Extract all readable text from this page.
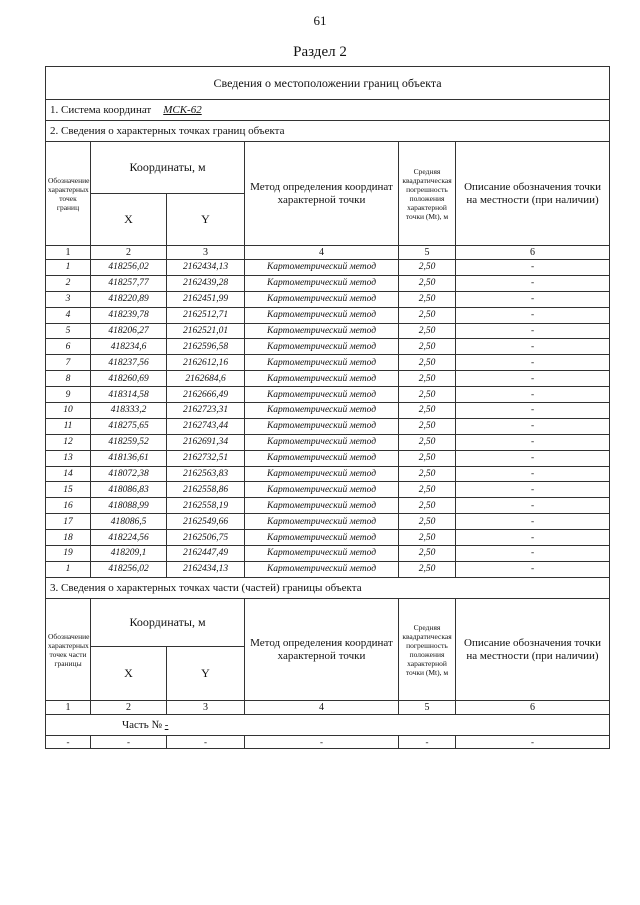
61
Раздел 2
Сведения о местоположении границ объекта					
1. Система координат МСК-62					
2. Сведения о характерных точках границ объекта					
Обозначение характерных точек границ	Координаты, м		Метод определения координат характерной точки	Средняя квадратическая погрешность положения характерной точки (Mt), м	Описание обозначения точки на местности (при наличии)
	X	Y			
1	2	3	4	5	6
1	418256,02	2162434,13	Картометрический метод	2,50	-
2	418257,77	2162439,28	Картометрический метод	2,50	-
3	418220,89	2162451,99	Картометрический метод	2,50	-
4	418239,78	2162512,71	Картометрический метод	2,50	-
5	418206,27	2162521,01	Картометрический метод	2,50	-
6	418234,6	2162596,58	Картометрический метод	2,50	-
7	418237,56	2162612,16	Картометрический метод	2,50	-
8	418260,69	2162684,6	Картометрический метод	2,50	-
9	418314,58	2162666,49	Картометрический метод	2,50	-
10	418333,2	2162723,31	Картометрический метод	2,50	-
11	418275,65	2162743,44	Картометрический метод	2,50	-
12	418259,52	2162691,34	Картометрический метод	2,50	-
13	418136,61	2162732,51	Картометрический метод	2,50	-
14	418072,38	2162563,83	Картометрический метод	2,50	-
15	418086,83	2162558,86	Картометрический метод	2,50	-
16	418088,99	2162558,19	Картометрический метод	2,50	-
17	418086,5	2162549,66	Картометрический метод	2,50	-
18	418224,56	2162506,75	Картометрический метод	2,50	-
19	418209,1	2162447,49	Картометрический метод	2,50	-
1	418256,02	2162434,13	Картометрический метод	2,50	-
3. Сведения о характерных точках части (частей) границы объекта					
Обозначение характерных точек части границы	Координаты, м		Метод определения координат характерной точки	Средняя квадратическая погрешность положения характерной точки (Mt), м	Описание обозначения точки на местности (при наличии)
	X	Y			
1	2	3	4	5	6
Часть № -					
-	-	-	-	-	-
